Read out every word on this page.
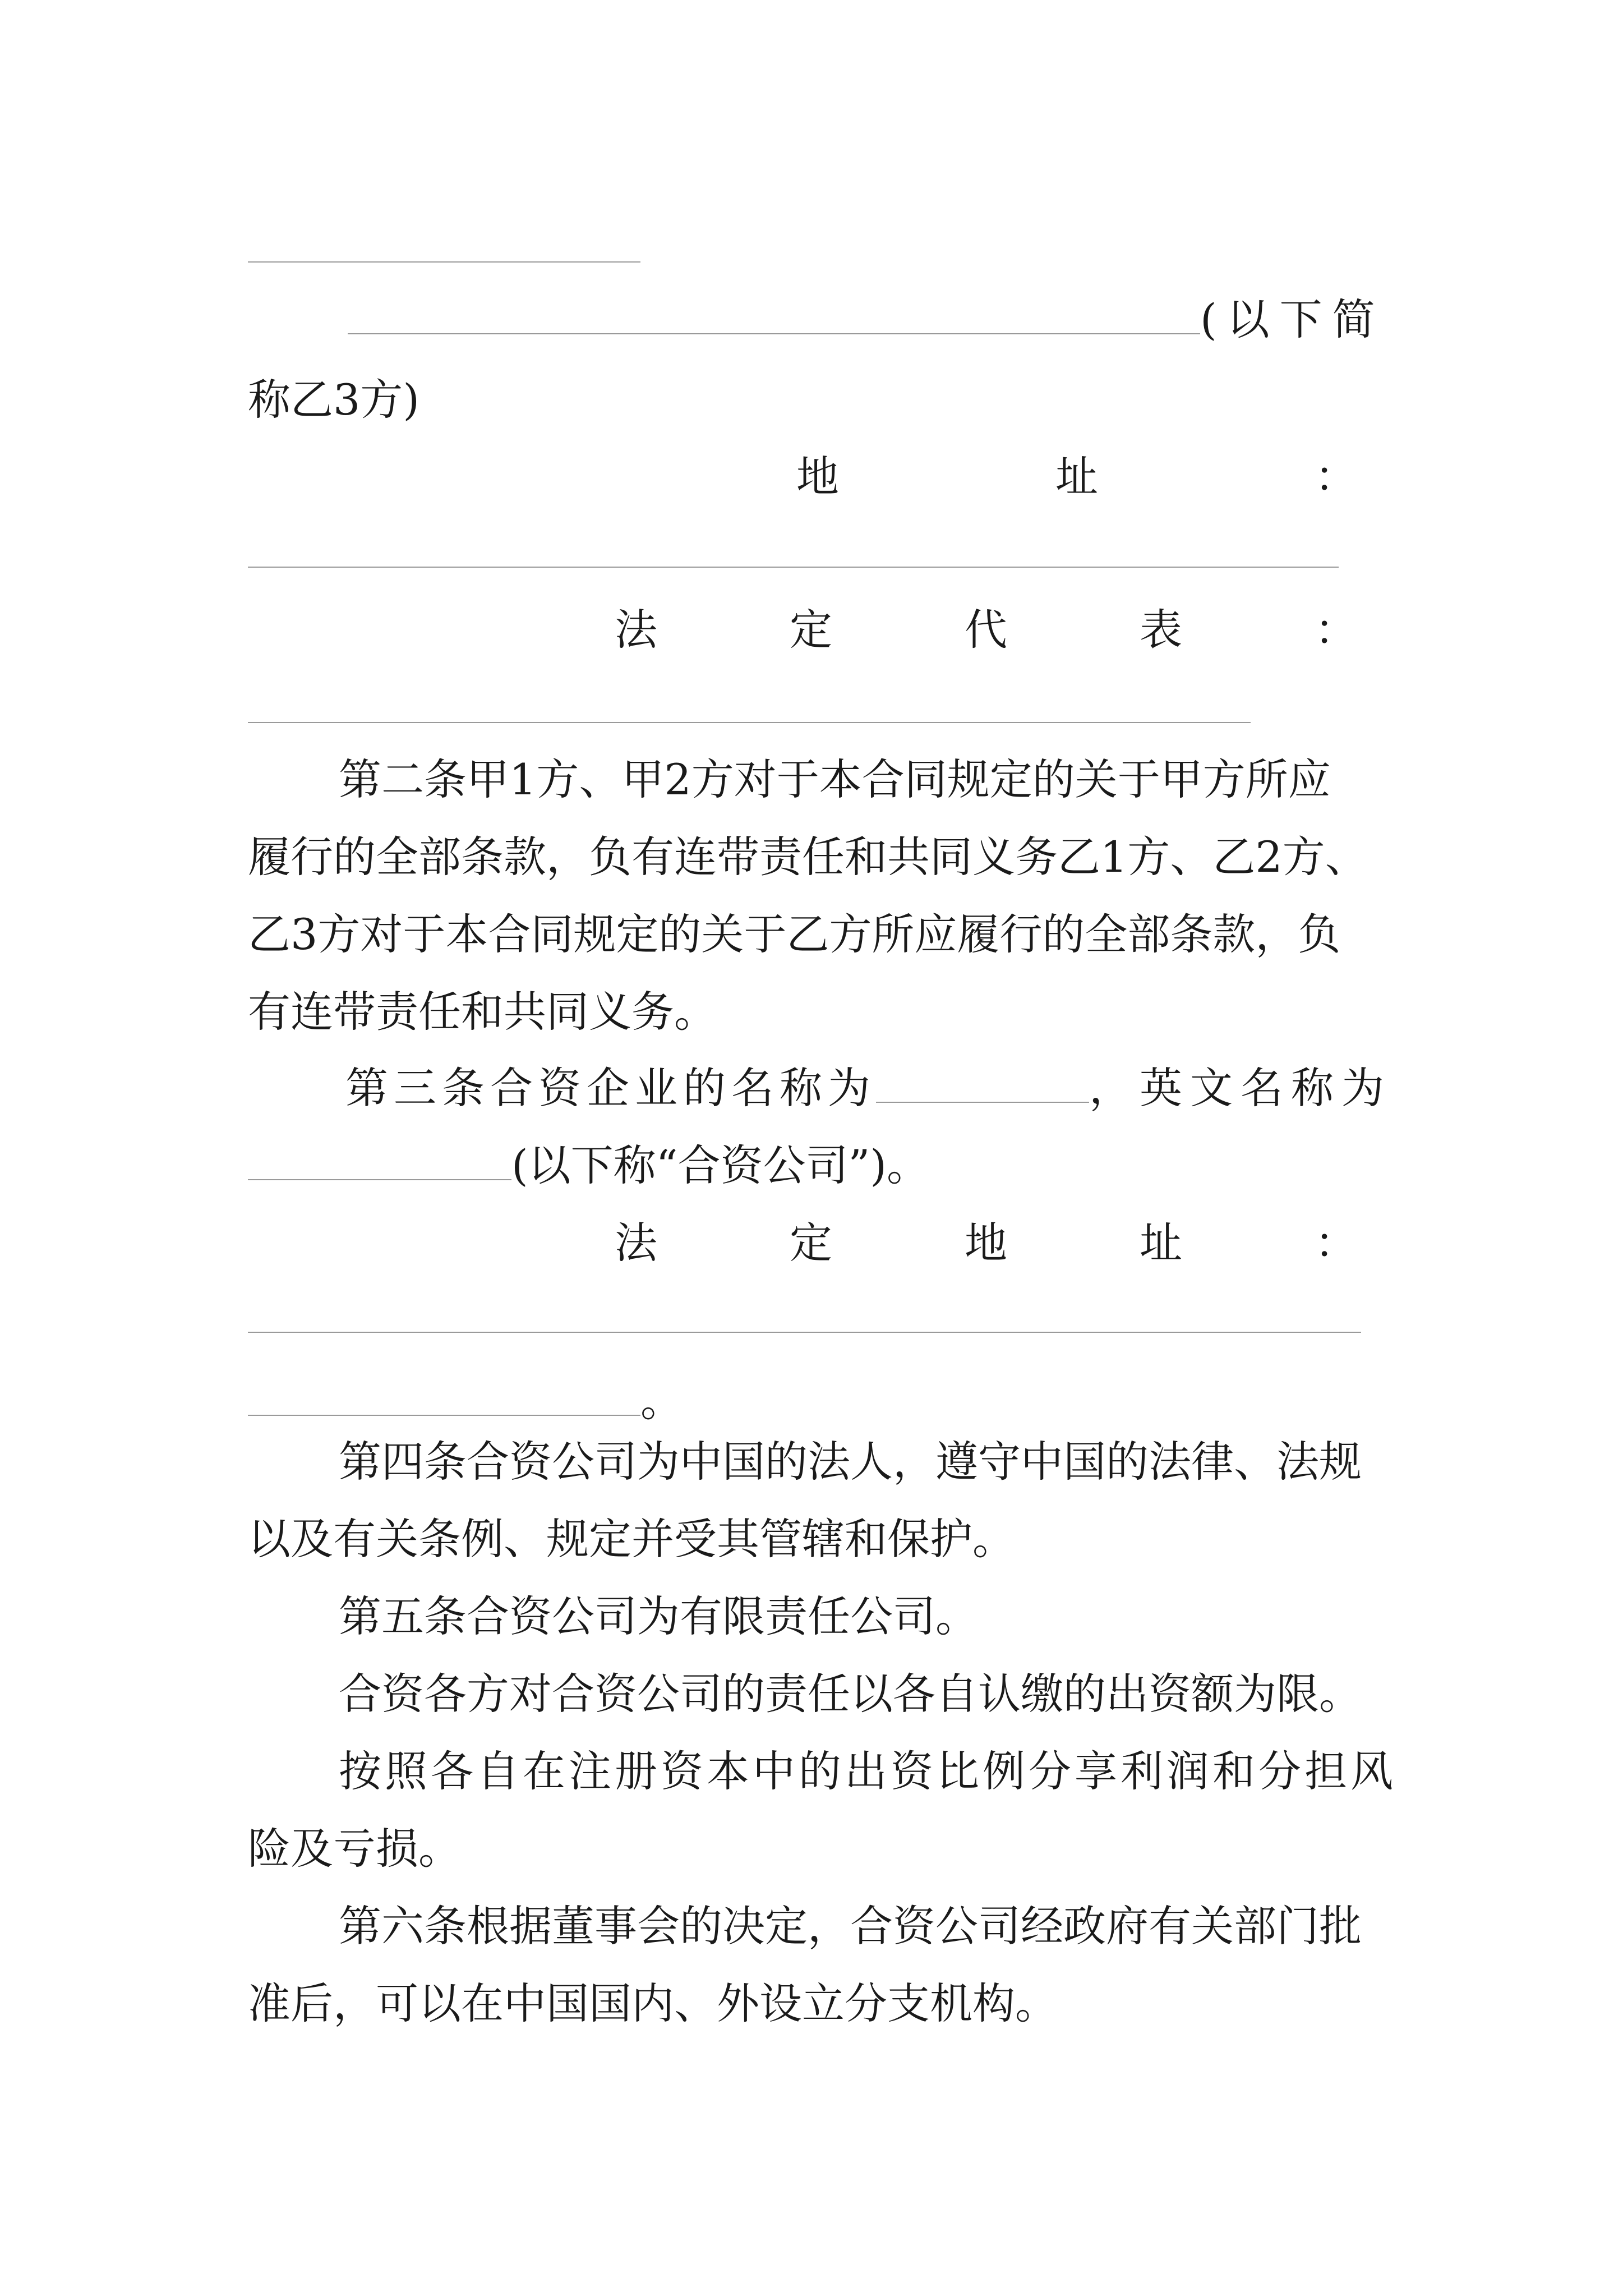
(以下简
称乙3方)
地	址	：
法	定	代	表	：
第二条甲1方、甲2方对于本合同规定的关于甲方所应
履行的全部条款，负有连带责任和共同义务乙1方、乙2方、
乙3方对于本合同规定的关于乙方所应履行的全部条款，负
有连带责任和共同义务。
第三条合资企业的名称为	，英文名称为
(以下称“合资公司”)。
法	定	地	址	：
。
第四条合资公司为中国的法人，遵守中国的法律、法规
以及有关条例、规定并受其管辖和保护。
第五条合资公司为有限责任公司。
合资各方对合资公司的责任以各自认缴的出资额为限。
按照各自在注册资本中的出资比例分享利润和分担风
险及亏损。
第六条根据董事会的决定，合资公司经政府有关部门批
准后，可以在中国国内、外设立分支机构。
